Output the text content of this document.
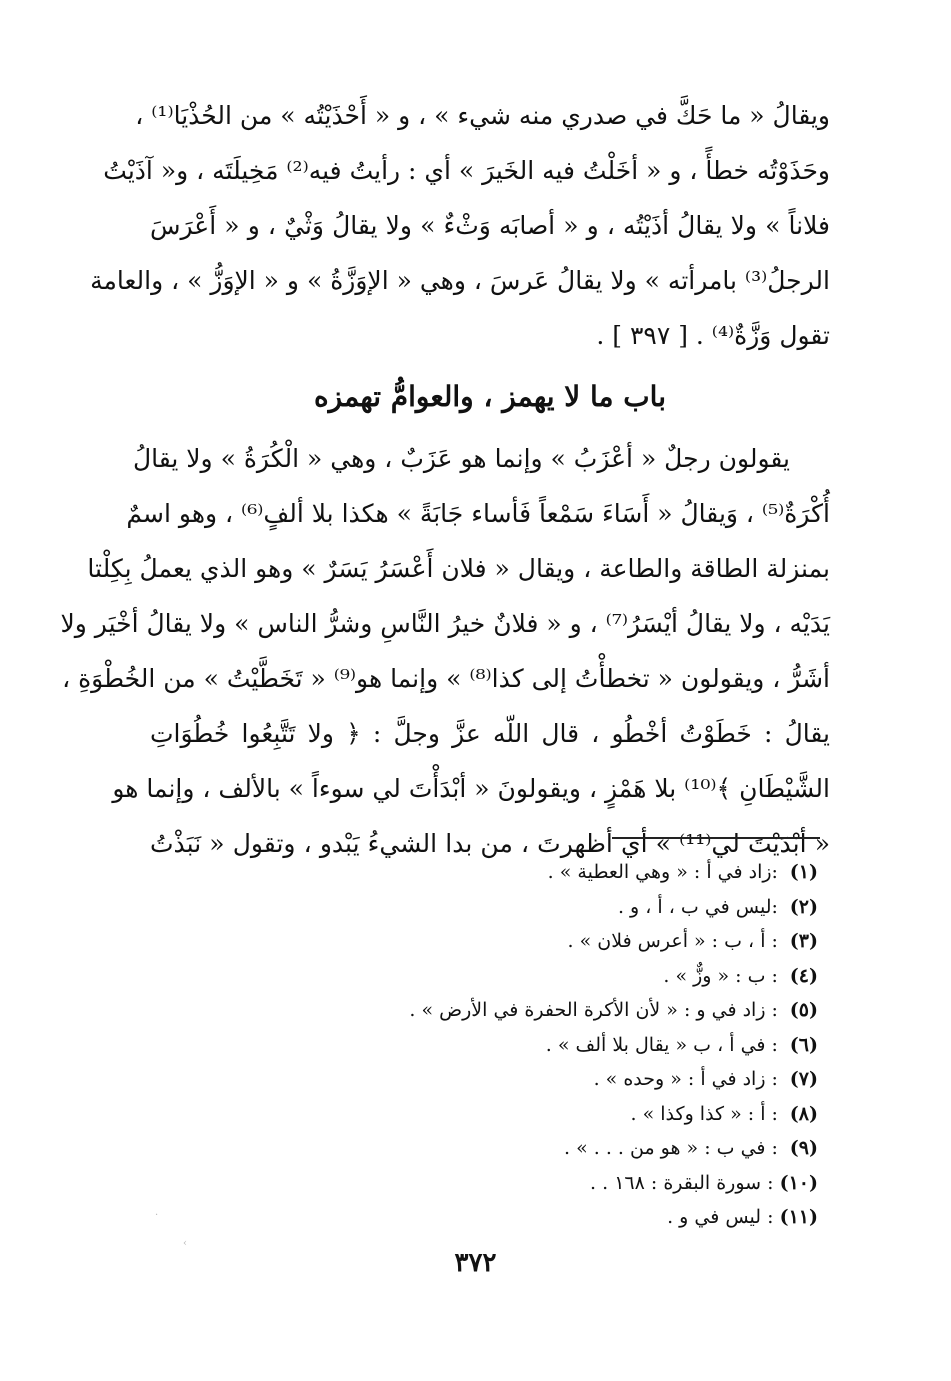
ويقالُ « ما حَكَّ في صدري منه شيء » ، و « أَحْذَيْتُه » من الحُذْيَا⁽¹⁾ ،
وحَذَوْتُه خطأً ، و « أخَلْتُ فيه الخَيرَ » أي : رأيتُ فيه⁽²⁾ مَخِيلَتَه ، و« آذَيْتُ
فلاناً » ولا يقالُ أذَيْتُه ، و « أصابَه وَثْءٌ » ولا يقالُ وَثْيٌ ، و « أَعْرَسَ
الرجلُ⁽³⁾ بامرأته » ولا يقالُ عَرسَ ، وهي « الإوَزَّةُ » و « الإوَزُّ » ، والعامة
تقول وَزَّةٌ⁽⁴⁾ . [ ٣٩٧ ] .
باب ما لا يهمز ، والعوامُّ تهمزه
يقولون رجلٌ « أعْزَبُ » وإنما هو عَزَبٌ ، وهي « الْكُرَةُ » ولا يقالُ
أُكْرَةٌ⁽⁵⁾ ، وَيقالُ « أَسَاءَ سَمْعاً فَأساء جَابَةً » هكذا بلا ألفٍ⁽⁶⁾ ، وهو اسمٌ
بمنزلة الطاقة والطاعة ، ويقال « فلان أَعْسَرُ يَسَرٌ » وهو الذي يعملُ بِكِلْتا
يَدَيْه ، ولا يقالُ أيْسَرُ⁽⁷⁾ ، و « فلانٌ خيرُ النَّاسِ وشرُّ الناس » ولا يقالُ أخْيَر ولا
أشَرُّ ، ويقولون « تخطأْتُ إلى كذا⁽⁸⁾ » وإنما هو⁽⁹⁾ « تَخَطَّيْتُ » من الخُطْوَةِ ،
يقالُ : خَطَوْتُ أخْطُو ، قال اللّه عزَّ وجلَّ : ﴿ ولا تَتَّبِعُوا خُطُوَاتِ
الشَّيْطَانِ ﴾⁽¹⁰⁾ بلا هَمْزٍ ، ويقولونَ « أبْدَأْتَ لي سوءاً » بالألف ، وإنما هو
« أبْدَيْتَ لي⁽¹¹⁾ » أي أظهرتَ ، من بدا الشيءُ يَبْدو ، وتقول « نَبَذْتُ
(١) :زاد في أ : « وهي العطية » .
(٢) :ليس في ب ، أ ، و .
(٣) : أ ، ب : « أعرس فلان » .
(٤) : ب : « وزٌّ » .
(٥) : زاد في و : « لأن الأكرة الحفرة في الأرض » .
(٦) : في أ ، ب « يقال بلا ألف » .
(٧) : زاد في أ : « وحده » .
(٨) : أ : « كذا وكذا » .
(٩) : في ب : « هو من . . . » .
(١٠) : سورة البقرة : ١٦٨ . .
(١١) : ليس في و .
٣٧٢
·
‹
